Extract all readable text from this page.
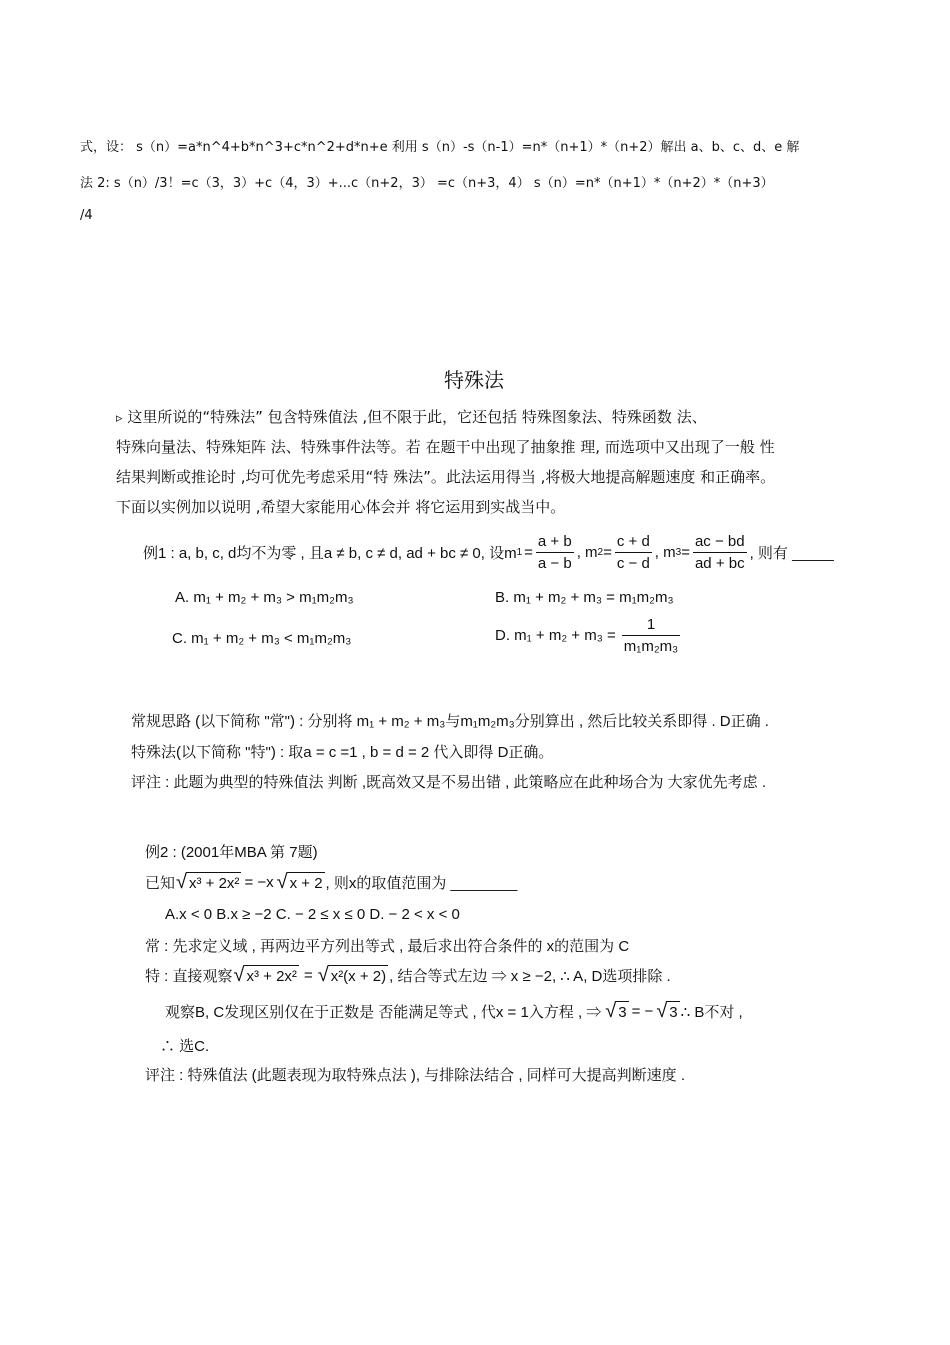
式，设： s（n）=a*n^4+b*n^3+c*n^2+d*n+e 利用 s（n）-s（n-1）=n*（n+1）*（n+2）解出 a、b、c、d、e 解
法 2: s（n）/3！=c（3，3）+c（4，3）+...c（n+2，3） =c（n+3，4） s（n）=n*（n+1）*（n+2）*（n+3）
/4
特殊法
▹ 这里所说的“特殊法” 包含特殊值法 ,但不限于此，它还包括 特殊图象法、特殊函数 法、
特殊向量法、特殊矩阵 法、特殊事件法等。若 在题干中出现了抽象推 理, 而选项中又出现了一般 性
结果判断或推论时 ,均可优先考虑采用“特 殊法”。此法运用得当 ,将极大地提高解题速度 和正确率。
下面以实例加以说明 ,希望大家能用心体会并 将它运用到实战当中。
例1 : a, b, c, d均不为零 , 且a ≠ b, c ≠ d, ad + bc ≠ 0, 设m $1 = \frac{a + b}{a - b}$ , m $2 = \frac{c + d}{c - d}$ , m $3 = \frac{ac - bd}{ad + bc}$ , 则有 _____
A. m₁ + m₂ + m₃ > m₁m₂m₃	B. m₁ + m₂ + m₃ = m₁m₂m₃
C. m₁ + m₂ + m₃ < m₁m₂m₃	D. $m_1 + m_2 + m_3 = \frac{1}{\text{m₁m₂m₃}}$
常规思路 (以下简称 "常") : 分别将 m₁ + m₂ + m₃与m₁m₂m₃分别算出 , 然后比较关系即得 . D正确 .
特殊法(以下简称 "特") : 取a = c =1 , b = d = 2 代入即得 D正确。
评注 : 此题为典型的特殊值法 判断 ,既高效又是不易出错 , 此策略应在此种场合为 大家优先考虑 .
例2 : (2001年MBA 第 7题)
已知 √ x³ + 2x² = −x √ x + 2 , 则x的取值范围为 ________
A.x < 0 B.x ≥ −2 C. − 2 ≤ x ≤ 0 D. − 2 < x < 0
常 : 先求定义域 , 再两边平方列出等式 , 最后求出符合条件的 x的范围为 C
特 : 直接观察 √ x³ + 2x² = √ x²(x + 2) , 结合等式左边 ⇒ x ≥ −2, ∴ A, D选项排除 .
观察B, C发现区别仅在于正数是 否能满足等式 , 代x = 1入方程 , ⇒ √ 3 = − √ 3 ∴ B不对 ,
∴ 选C.
评注 : 特殊值法 (此题表现为取特殊点法 ), 与排除法结合 , 同样可大提高判断速度 .
